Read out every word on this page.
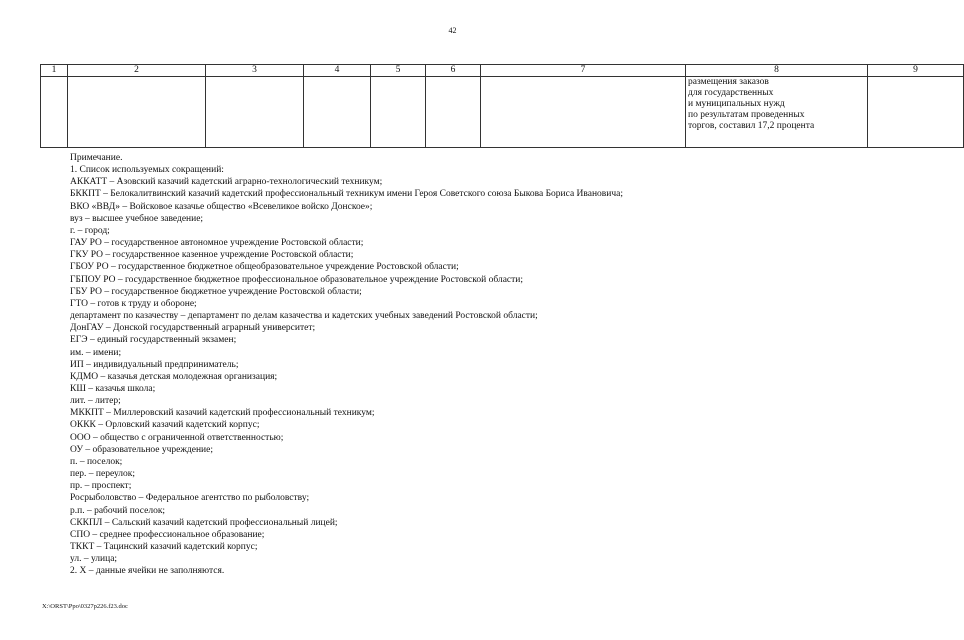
42
1	2	3	4	5	6	7	8	9

							размещения заказов
для государственных
и муниципальных нужд
по результатам проведенных
торгов, составил 17,2 процента	

Примечание.
1. Список используемых сокращений:
АККАТТ – Азовский казачий кадетский аграрно-технологический техникум;
БККПТ – Белокалитвинский казачий кадетский профессиональный техникум имени Героя Советского союза Быкова Бориса Ивановича;
ВКО «ВВД» – Войсковое казачье общество «Всевеликое войско Донское»;
вуз – высшее учебное заведение;
г. – город;
ГАУ РО – государственное автономное учреждение Ростовской области;
ГКУ РО – государственное казенное учреждение Ростовской области;
ГБОУ РО – государственное бюджетное общеобразовательное учреждение Ростовской области;
ГБПОУ РО – государственное бюджетное профессиональное образовательное учреждение Ростовской области;
ГБУ РО – государственное бюджетное учреждение Ростовской области;
ГТО – готов к труду и обороне;
департамент по казачеству – департамент по делам казачества и кадетских учебных заведений Ростовской области;
ДонГАУ – Донской государственный аграрный университет;
ЕГЭ – единый государственный экзамен;
им. – имени;
ИП – индивидуальный предприниматель;
КДМО – казачья детская молодежная организация;
КШ – казачья школа;
лит. – литер;
МККПТ – Миллеровский казачий кадетский профессиональный техникум;
ОККК – Орловский казачий кадетский корпус;
ООО – общество с ограниченной ответственностью;
ОУ – образовательное учреждение;
п. – поселок;
пер. – переулок;
пр. – проспект;
Росрыболовство – Федеральное агентство по рыболовству;
р.п. – рабочий поселок;
СККПЛ – Сальский казачий кадетский профессиональный лицей;
СПО – среднее профессиональное образование;
ТККТ – Тацинский казачий кадетский корпус;
ул. – улица;
2. Х – данные ячейки не заполняются.
X:\ORST\Ppo\0327p226.f23.doc
